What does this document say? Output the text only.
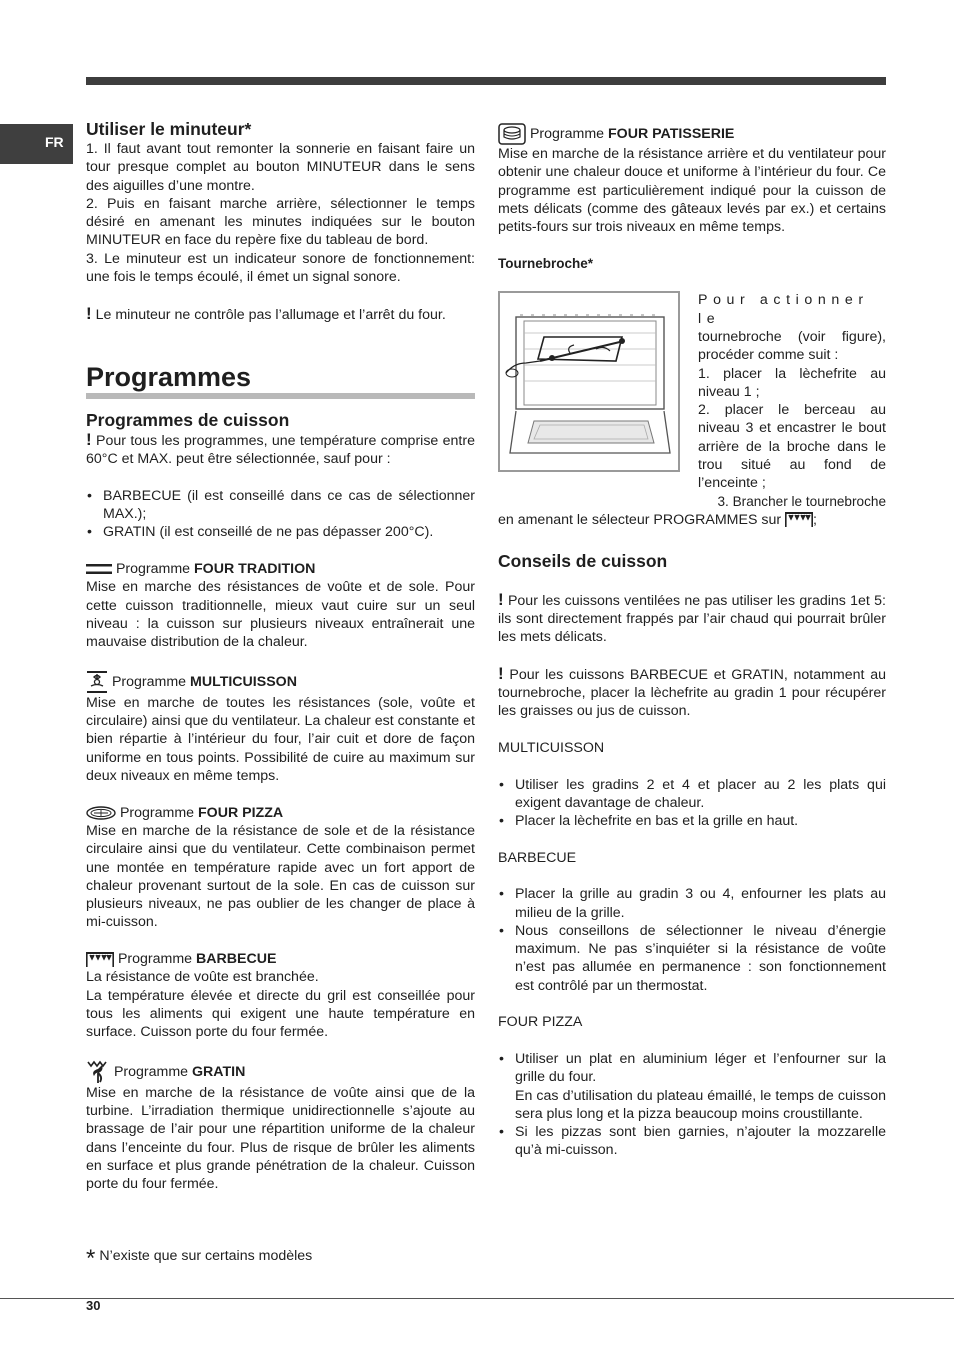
FR
Utiliser le minuteur*

1. Il faut avant tout remonter la sonnerie en faisant faire un tour presque complet au bouton MINUTEUR dans le sens des aiguilles d’une montre.

2. Puis en faisant marche arrière, sélectionner le temps désiré en amenant les minutes indiquées sur le bouton MINUTEUR en face du repère fixe du tableau de bord.

3. Le minuteur est un indicateur sonore de fonctionnement: une fois le temps écoulé, il émet un signal sonore.

! Le minuteur ne contrôle pas l’allumage et l’arrêt du four.

Programmes
Programmes de cuisson

! Pour tous les programmes, une température comprise entre 60°C et MAX. peut être sélectionnée, sauf pour :

• BARBECUE (il est conseillé dans ce cas de sélectionner MAX.);
• GRATIN (il est conseillé de ne pas dépasser 200°C).

Programme FOUR TRADITION

Mise en marche des résistances de voûte et de sole. Pour cette cuisson traditionnelle, mieux vaut cuire sur un seul niveau : la cuisson sur plusieurs niveaux entraînerait une mauvaise distribution de la chaleur.

Programme MULTICUISSON

Mise en marche de toutes les résistances (sole, voûte et circulaire) ainsi que du ventilateur. La chaleur est constante et bien répartie à l’intérieur du four, l’air cuit et dore de façon uniforme en tous points. Possibilité de cuire au maximum sur deux niveaux en même temps.

Programme FOUR PIZZA

Mise en marche de la résistance de sole et de la résistance circulaire ainsi que du ventilateur. Cette combinaison permet une montée en température rapide avec un fort apport de chaleur provenant surtout de la sole. En cas de cuisson sur plusieurs niveaux, ne pas oublier de les changer de place à mi-cuisson.

Programme BARBECUE

La résistance de voûte est branchée.

La température élevée et directe du gril est conseillée pour tous les aliments qui exigent une haute température en surface. Cuisson porte du four fermée.

Programme GRATIN

Mise en marche de la résistance de voûte ainsi que de la turbine. L’irradiation thermique unidirectionnelle s’ajoute au brassage de l’air pour une répartition uniforme de la chaleur dans l’enceinte du four. Plus de risque de brûler les aliments en surface et plus grande pénétration de la chaleur. Cuisson porte du four fermée.

Programme FOUR PATISSERIE

Mise en marche de la résistance arrière et du ventilateur pour obtenir une chaleur douce et uniforme à l’intérieur du four. Ce programme est particulièrement indiqué pour la cuisson de mets délicats (comme des gâteaux levés par ex.) et certains petits-fours sur trois niveaux en même temps.

Tournebroche*

Pour actionner le

tournebroche (voir figure), procéder comme suit :

1. placer la lèchefrite au niveau 1 ;

2. placer le berceau au niveau 3 et encastrer le bout arrière de la broche dans le trou situé au fond de l’enceinte ;

3. Brancher le tournebroche

en amenant le sélecteur PROGRAMMES sur ;

Conseils de cuisson

! Pour les cuissons ventilées ne pas utiliser les gradins 1et 5: ils sont directement frappés par l’air chaud qui pourrait brûler les mets délicats.

! Pour les cuissons BARBECUE et GRATIN, notamment au tournebroche, placer la lèchefrite au gradin 1 pour récupérer les graisses ou jus de cuisson.

MULTICUISSON

• Utiliser les gradins 2 et 4 et placer au 2 les plats qui exigent davantage de chaleur.
• Placer la lèchefrite en bas et la grille en haut.

BARBECUE

• Placer la grille au gradin 3 ou 4, enfourner les plats au milieu de la grille.
• Nous conseillons de sélectionner le niveau d’énergie maximum. Ne pas s’inquiéter si la résistance de voûte n’est pas allumée en permanence : son fonctionnement est contrôlé par un thermostat.

FOUR PIZZA

• Utiliser un plat en aluminium léger et l’enfourner sur la grille du four.
En cas d’utilisation du plateau émaillé, le temps de cuisson sera plus long et la pizza beaucoup moins croustillante.
• Si les pizzas sont bien garnies, n’ajouter la mozzarelle qu’à mi-cuisson.
* N’existe que sur certains modèles
30
